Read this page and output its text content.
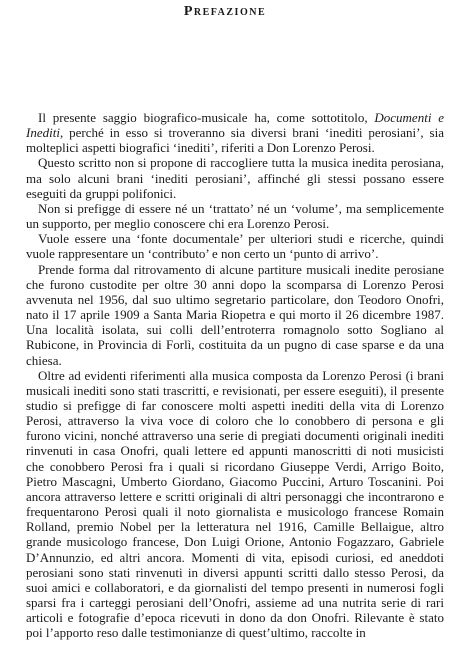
Prefazione

Il presente saggio biografico-musicale ha, come sottotitolo, Documenti e Inediti, perché in esso si troveranno sia diversi brani ‘inediti perosiani’, sia molteplici aspetti biografici ‘inediti’, riferiti a Don Lorenzo Perosi.

Questo scritto non si propone di raccogliere tutta la musica inedita perosiana, ma solo alcuni brani ‘inediti perosiani’, affinché gli stessi possano essere eseguiti da gruppi polifonici.

Non si prefigge di essere né un ‘trattato’ né un ‘volume’, ma semplicemente un supporto, per meglio conoscere chi era Lorenzo Perosi.

Vuole essere una ‘fonte documentale’ per ulteriori studi e ricerche, quindi vuole rappresentare un ‘contributo’ e non certo un ‘punto di arrivo’.

Prende forma dal ritrovamento di alcune partiture musicali inedite perosiane che furono custodite per oltre 30 anni dopo la scomparsa di Lorenzo Perosi avvenuta nel 1956, dal suo ultimo segretario particolare, don Teodoro Onofri, nato il 17 aprile 1909 a Santa Maria Riopetra e qui morto il 26 dicembre 1987. Una località isolata, sui colli dell’entroterra romagnolo sotto Sogliano al Rubicone, in Provincia di Forlì, costituita da un pugno di case sparse e da una chiesa.

Oltre ad evidenti riferimenti alla musica composta da Lorenzo Perosi (i brani musicali inediti sono stati trascritti, e revisionati, per essere eseguiti), il presente studio si prefigge di far conoscere molti aspetti inediti della vita di Lorenzo Perosi, attraverso la viva voce di coloro che lo conobbero di persona e gli furono vicini, nonché attraverso una serie di pregiati documenti originali inediti rinvenuti in casa Onofri, quali lettere ed appunti manoscritti di noti musicisti che conobbero Perosi fra i quali si ricordano Giuseppe Verdi, Arrigo Boito, Pietro Mascagni, Umberto Giordano, Giacomo Puccini, Arturo Toscanini. Poi ancora attraverso lettere e scritti originali di altri personaggi che incontrarono e frequentarono Perosi quali il noto giornalista e musicologo francese Romain Rolland, premio Nobel per la letteratura nel 1916, Camille Bellaigue, altro grande musicologo francese, Don Luigi Orione, Antonio Fogazzaro, Gabriele D’Annunzio, ed altri ancora. Momenti di vita, episodi curiosi, ed aneddoti perosiani sono stati rinvenuti in diversi appunti scritti dallo stesso Perosi, da suoi amici e collaboratori, e da giornalisti del tempo presenti in numerosi fogli sparsi fra i carteggi perosiani dell’Onofri, assieme ad una nutrita serie di rari articoli e fotografie d’epoca ricevuti in dono da don Onofri. Rilevante è stato poi l’apporto reso dalle testimonianze di quest’ultimo, raccolte in
